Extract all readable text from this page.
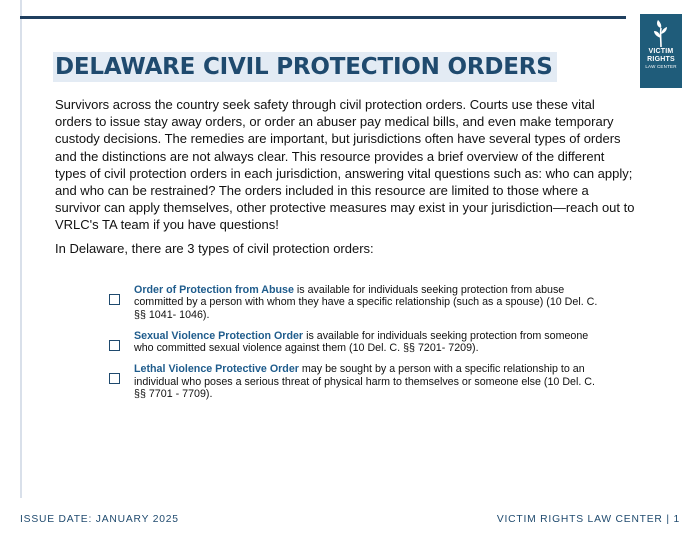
VICTIM
RIGHTS
LAW CENTER
DELAWARE CIVIL PROTECTION ORDERS

Survivors across the country seek safety through civil protection orders. Courts use these vital orders to issue stay away orders, or order an abuser pay medical bills, and even make temporary custody decisions. The remedies are important, but jurisdictions often have several types of orders and the distinctions are not always clear. This resource provides a brief overview of the different types of civil protection orders in each jurisdiction, answering vital questions such as: who can apply; and who can be restrained? The orders included in this resource are limited to those where a survivor can apply themselves, other protective measures may exist in your jurisdiction—reach out to VRLC's TA team if you have questions!

In Delaware, there are 3 types of civil protection orders:

Order of Protection from Abuse is available for individuals seeking protection from abuse committed by a person with whom they have a specific relationship (such as a spouse) (10 Del. C. §§ 1041- 1046).
Sexual Violence Protection Order is available for individuals seeking protection from someone who committed sexual violence against them (10 Del. C. §§ 7201- 7209).
Lethal Violence Protective Order may be sought by a person with a specific relationship to an individual who poses a serious threat of physical harm to themselves or someone else (10 Del. C. §§ 7701 - 7709).
ISSUE DATE: JANUARY 2025	VICTIM RIGHTS LAW CENTER | 1
